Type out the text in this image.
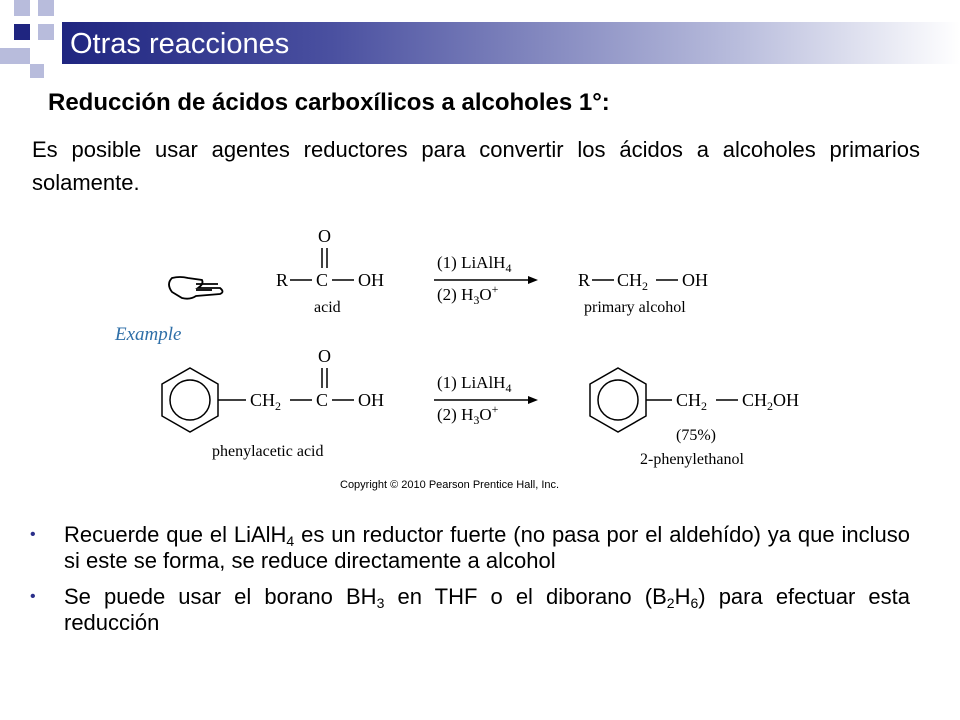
Otras reacciones
Reducción de ácidos carboxílicos a alcoholes 1°:
Es posible usar agentes reductores para convertir los ácidos a alcoholes primarios solamente.
Example
O
R C OH
acid
(1) LiAlH$_4$
(2) $H_3O^+$	R $CH_2$ OH
primary alcohol
$CH_2$
O
C OH
phenylacetic acid
(1) LiAlH$_4$
(2) $H_3O^+$	$CH_2$ $CH_2OH$
(75%)
2-phenylethanol
Copyright © 2010 Pearson Prentice Hall, Inc.
• Recuerde que el LiAlH$_4$ es un reductor fuerte (no pasa por el aldehído) ya que incluso si este se forma, se reduce directamente a alcohol
• Se puede usar el borano $BH_3$ en THF o el diborano $(B_2H_6)$ para efectuar esta reducción
